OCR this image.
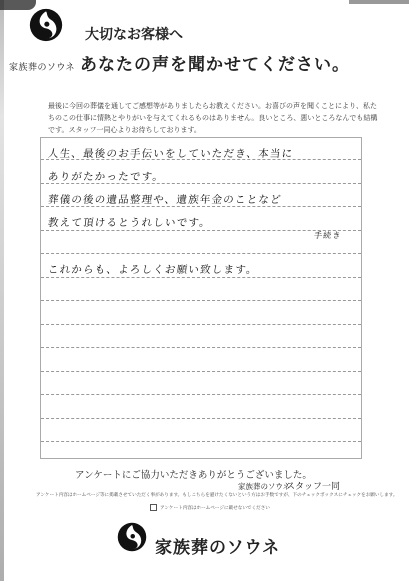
家族葬のソウネ
大切なお客様へ
あなたの声を聞かせてください。
最後に今回の葬儀を通してご感想等がありましたらお教えください。お喜びの声を聞くことにより、私たちのこの仕事に情熱とやりがいを与えてくれるものはありません。良いところ、悪いところなんでも結構です。スタッフ一同心よりお待ちしております。
人生、最後のお手伝いをしていただき、本当に
ありがたかったです。
葬儀の後の遺品整理や、遺族年金のことなど
手続き
教えて頂けるとうれしいです。
これからも、よろしくお願い致します。
アンケートにご協力いただきありがとうございました。
家族葬のソウネ
スタッフ一同
アンケート内容はホームページ等に掲載させていただく事があります。もしこちらを避けたくないという方はお手数ですが、下のチェックボックスにチェックをお願いします。
アンケート内容はホームページに載せないでください
家族葬のソウネ
